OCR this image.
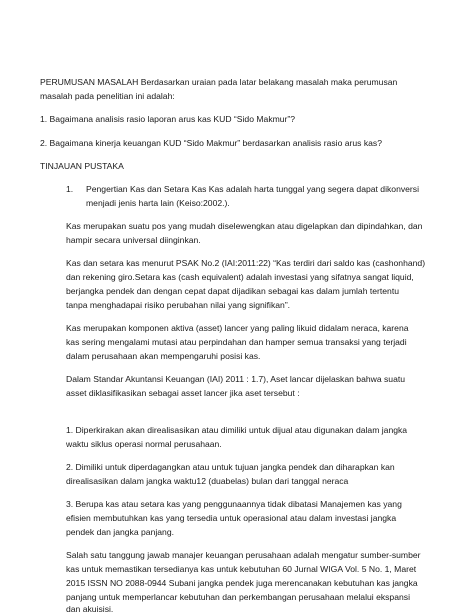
PERUMUSAN MASALAH Berdasarkan uraian pada latar belakang masalah maka perumusan
masalah pada penelitian ini adalah:
1. Bagaimana analisis rasio laporan arus kas KUD “Sido Makmur”?
2. Bagaimana kinerja keuangan KUD “Sido Makmur” berdasarkan analisis rasio arus kas?
TINJAUAN PUSTAKA
1. Pengertian Kas dan Setara Kas Kas adalah harta tunggal yang segera dapat dikonversi
menjadi jenis harta lain (Keiso:2002.).
Kas merupakan suatu pos yang mudah diselewengkan atau digelapkan dan dipindahkan, dan
hampir secara universal diinginkan.
Kas dan setara kas menurut PSAK No.2 (IAI:2011:22) “Kas terdiri dari saldo kas (cashonhand)
dan rekening giro.Setara kas (cash equivalent) adalah investasi yang sifatnya sangat liquid,
berjangka pendek dan dengan cepat dapat dijadikan sebagai kas dalam jumlah tertentu
tanpa menghadapai risiko perubahan nilai yang signifikan”.
Kas merupakan komponen aktiva (asset) lancer yang paling likuid didalam neraca, karena
kas sering mengalami mutasi atau perpindahan dan hamper semua transaksi yang terjadi
dalam perusahaan akan mempengaruhi posisi kas.
Dalam Standar Akuntansi Keuangan (IAI) 2011 : 1.7), Aset lancar dijelaskan bahwa suatu
asset diklasifikasikan sebagai asset lancer jika aset tersebut :
1. Diperkirakan akan direalisasikan atau dimiliki untuk dijual atau digunakan dalam jangka
waktu siklus operasi normal perusahaan.
2. Dimiliki untuk diperdagangkan atau untuk tujuan jangka pendek dan diharapkan kan
direalisasikan dalam jangka waktu12 (duabelas) bulan dari tanggal neraca
3. Berupa kas atau setara kas yang penggunaannya tidak dibatasi Manajemen kas yang
efisien membutuhkan kas yang tersedia untuk operasional atau dalam investasi jangka
pendek dan jangka panjang.
Salah satu tanggung jawab manajer keuangan perusahaan adalah mengatur sumber-sumber
kas untuk memastikan tersedianya kas untuk kebutuhan 60 Jurnal WIGA Vol. 5 No. 1, Maret
2015 ISSN NO 2088-0944 Subani jangka pendek juga merencanakan kebutuhan kas jangka
panjang untuk memperlancar kebutuhan dan perkembangan perusahaan melalui ekspansi
dan akuisisi.
